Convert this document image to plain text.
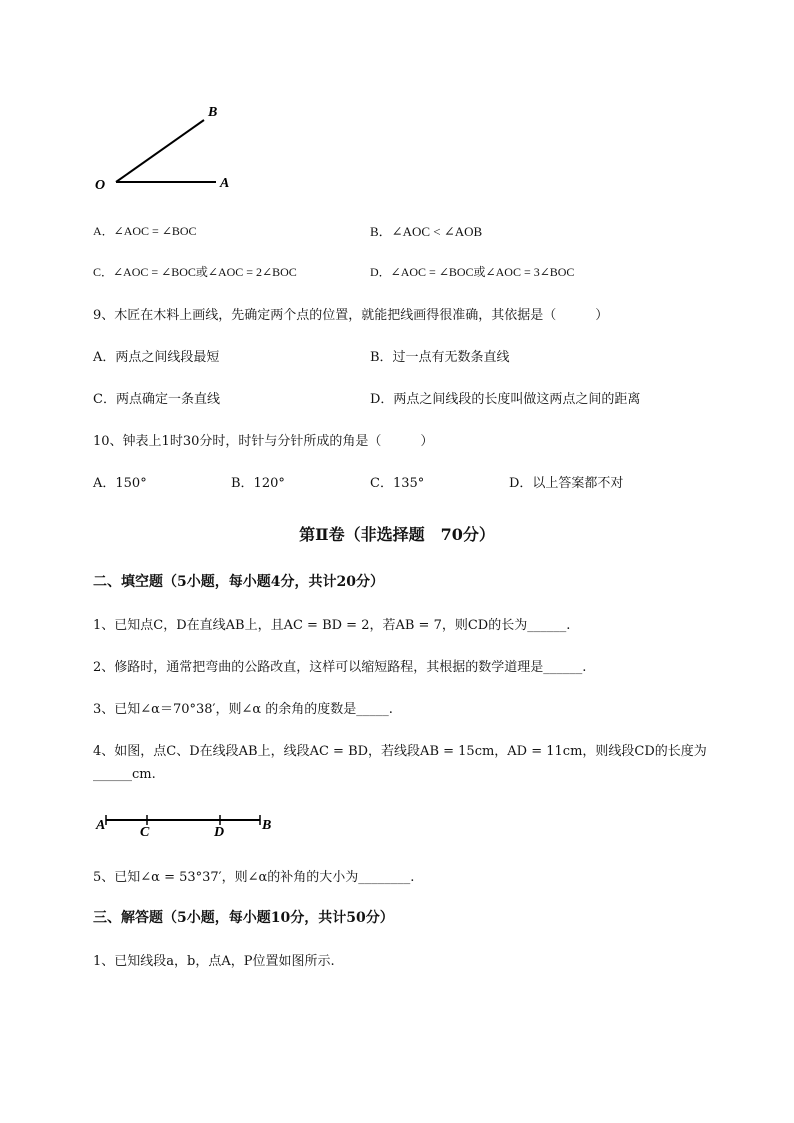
B
O	A
A．∠AOC = ∠BOC	B．∠AOC < ∠AOB
C．∠AOC = ∠BOC或∠AOC = 2∠BOC	D．∠AOC = ∠BOC或∠AOC = 3∠BOC
9、木匠在木料上画线，先确定两个点的位置，就能把线画得很准确，其依据是（　　　）
A．两点之间线段最短	B．过一点有无数条直线
C．两点确定一条直线	D．两点之间线段的长度叫做这两点之间的距离
10、钟表上1时30分时，时针与分针所成的角是（　　　）
A．150°	B．120°	C．135°	D．以上答案都不对
第Ⅱ卷（非选择题　70分）
二、填空题（5小题，每小题4分，共计20分）
1、已知点C，D在直线AB上，且AC = BD = 2，若AB = 7，则CD的长为______.
2、修路时，通常把弯曲的公路改直，这样可以缩短路程，其根据的数学道理是______.
3、已知∠α＝70°38′，则∠α 的余角的度数是_____.
4、如图，点C、D在线段AB上，线段AC = BD，若线段AB = 15cm，AD = 11cm，则线段CD的长度为
______cm.
A C	D	B
5、已知∠α = 53°37′，则∠α的补角的大小为________.
三、解答题（5小题，每小题10分，共计50分）
1、已知线段a，b，点A，P位置如图所示.
